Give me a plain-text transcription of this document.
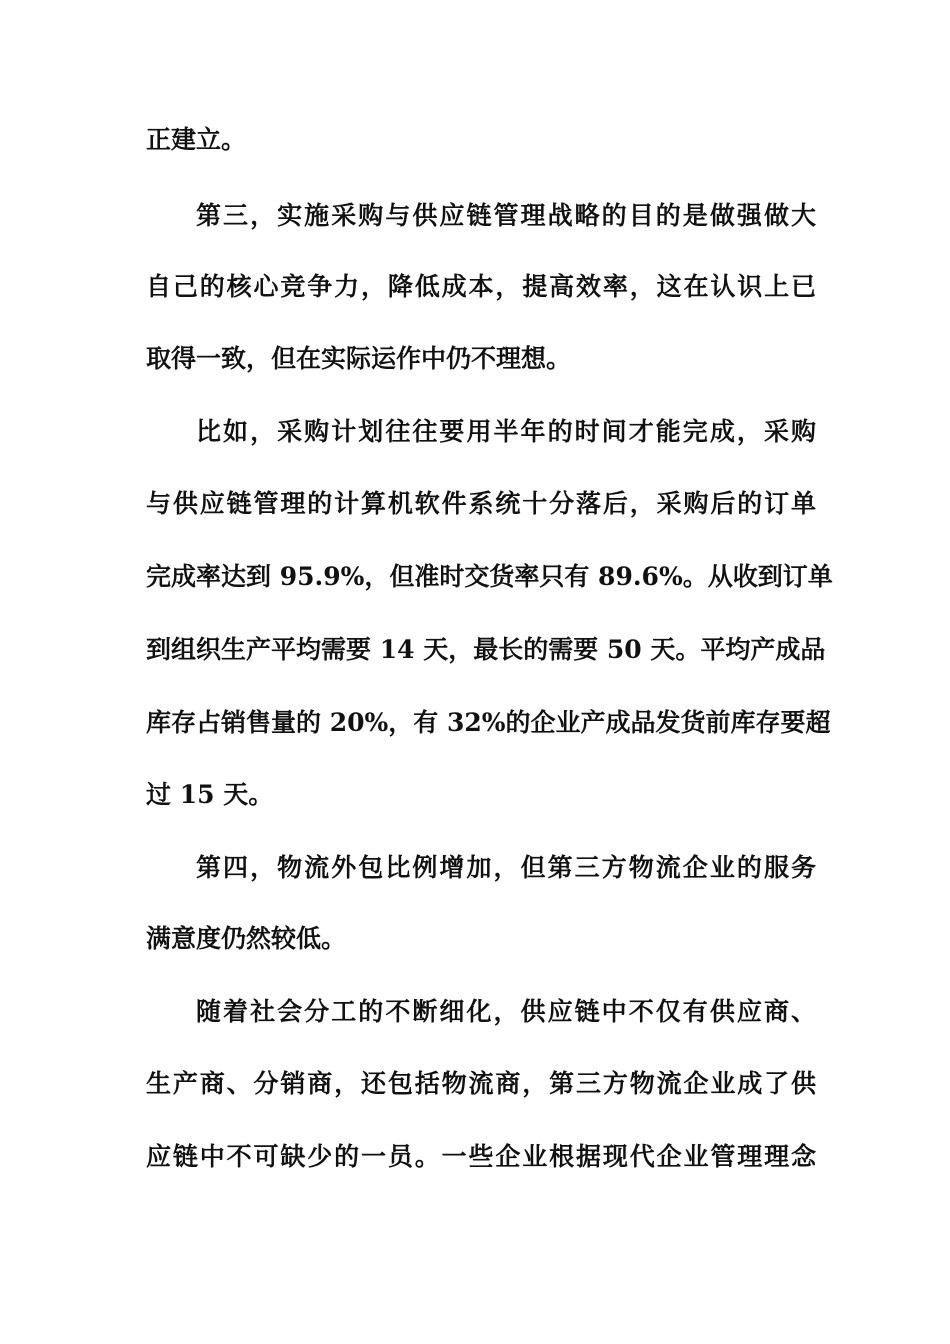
正建立。
第三，实施采购与供应链管理战略的目的是做强做大
自己的核心竞争力，降低成本，提高效率，这在认识上已
取得一致，但在实际运作中仍不理想。
比如，采购计划往往要用半年的时间才能完成，采购
与供应链管理的计算机软件系统十分落后，采购后的订单
完成率达到 95.9%，但准时交货率只有 89.6%。从收到订单
到组织生产平均需要 14 天，最长的需要 50 天。平均产成品
库存占销售量的 20%，有 32%的企业产成品发货前库存要超
过 15 天。
第四，物流外包比例增加，但第三方物流企业的服务
满意度仍然较低。
随着社会分工的不断细化，供应链中不仅有供应商、
生产商、分销商，还包括物流商，第三方物流企业成了供
应链中不可缺少的一员。一些企业根据现代企业管理理念
